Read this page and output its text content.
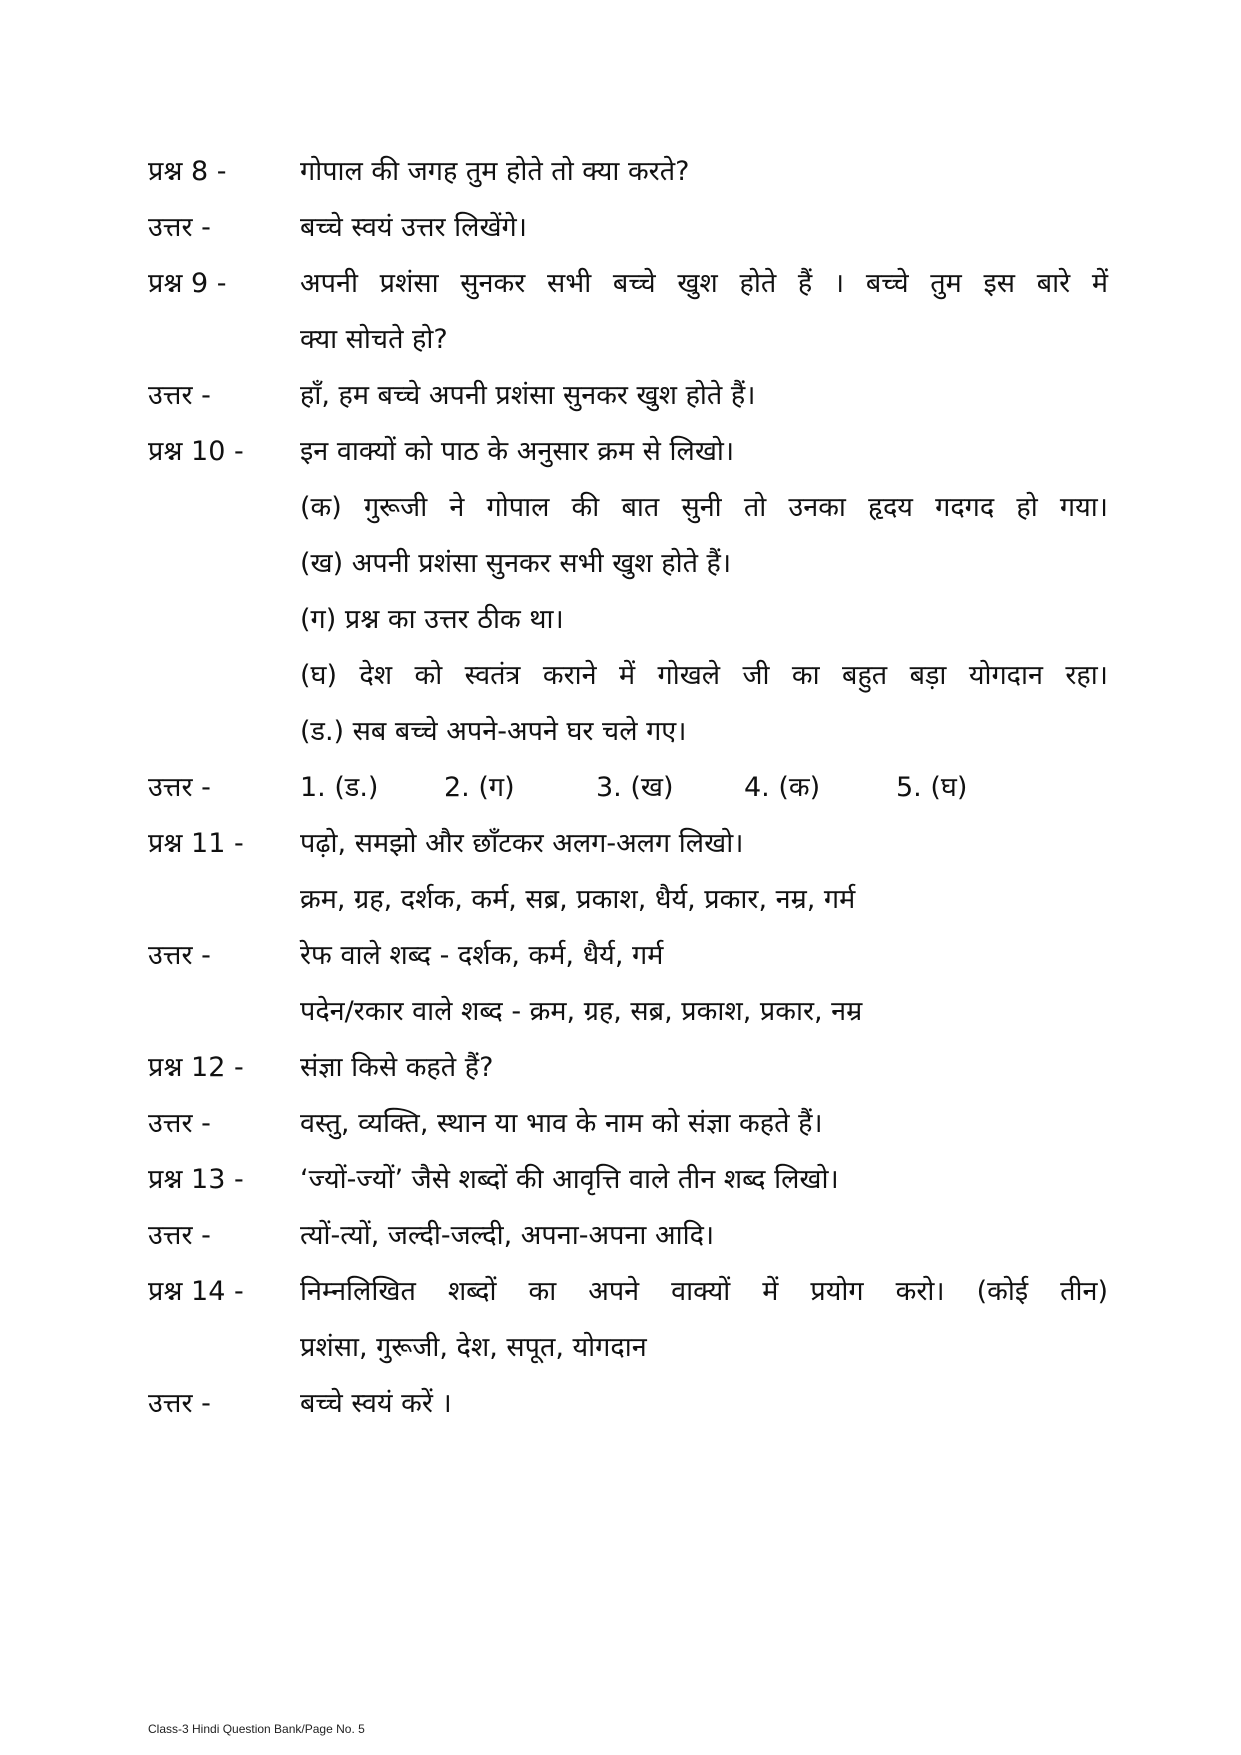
प्रश्न 8 -	गोपाल की जगह तुम होते तो क्या करते?
उत्तर -	बच्चे स्वयं उत्तर लिखेंगे।
प्रश्न 9 -	अपनी प्रशंसा सुनकर सभी बच्चे खुश होते हैं । बच्चे तुम इस बारे में
क्या सोचते हो?
उत्तर -	हाँ, हम बच्चे अपनी प्रशंसा सुनकर खुश होते हैं।
प्रश्न 10 - इन वाक्यों को पाठ के अनुसार क्रम से लिखो।
(क) गुरूजी ने गोपाल की बात सुनी तो उनका हृदय गदगद हो गया।
(ख) अपनी प्रशंसा सुनकर सभी खुश होते हैं।
(ग) प्रश्न का उत्तर ठीक था।
(घ) देश को स्वतंत्र कराने में गोखले जी का बहुत बड़ा योगदान रहा।
(ड.) सब बच्चे अपने-अपने घर चले गए।
उत्तर -	1. (ड.) 2. (ग)	3. (ख)	4. (क)	5. (घ)
प्रश्न 11 - पढ़ो, समझो और छाँटकर अलग-अलग लिखो।
क्रम, ग्रह, दर्शक, कर्म, सब्र, प्रकाश, धैर्य, प्रकार, नम्र, गर्म
उत्तर -	रेफ वाले शब्द - दर्शक, कर्म, धैर्य, गर्म
पदेन/रकार वाले शब्द - क्रम, ग्रह, सब्र, प्रकाश, प्रकार, नम्र
प्रश्न 12 - संज्ञा किसे कहते हैं?
उत्तर -	वस्तु, व्यक्ति, स्थान या भाव के नाम को संज्ञा कहते हैं।
प्रश्न 13 - ‘ज्यों-ज्यों’ जैसे शब्दों की आवृत्ति वाले तीन शब्द लिखो।
उत्तर -	त्यों-त्यों, जल्दी-जल्दी, अपना-अपना आदि।
प्रश्न 14 - निम्नलिखित शब्दों का अपने वाक्यों में प्रयोग करो। (कोई तीन)
प्रशंसा, गुरूजी, देश, सपूत, योगदान
उत्तर -	बच्चे स्वयं करें ।
Class-3 Hindi Question Bank/Page No. 5
